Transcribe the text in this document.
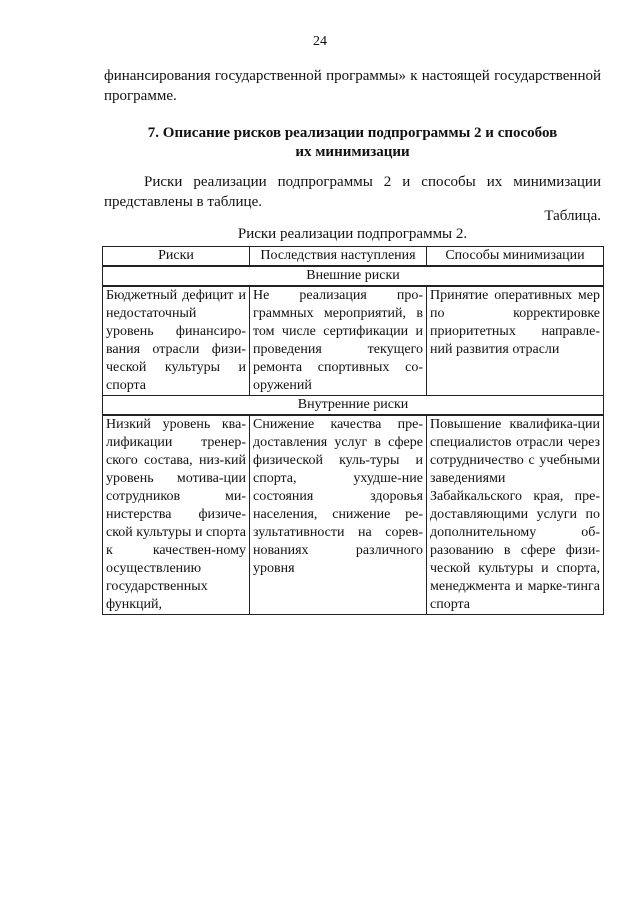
24
финансирования государственной программы» к настоящей государственной программе.
7. Описание рисков реализации подпрограммы 2 и способов
их минимизации
Риски реализации подпрограммы 2 и способы их минимизации представлены в таблице.
Таблица.
Риски реализации подпрограммы 2.
Риски	Последствия наступления	Способы минимизации
Внешние риски		
Бюджетный дефицит и недостаточный уровень финансиро-вания отрасли физи-ческой культуры и спорта	Не реализация про-граммных мероприятий, в том числе сертификации и проведения текущего ремонта спортивных со-оружений	Принятие оперативных мер по корректировке приоритетных направле-ний развития отрасли
Внутренние риски		
Низкий уровень ква-лификации тренер-ского состава, низ-кий уровень мотива-ции сотрудников ми-нистерства физиче-ской культуры и спорта к качествен-ному осуществлению государственных функций,	Снижение качества пре-доставления услуг в сфере физической куль-туры и спорта, ухудше-ние состояния здоровья населения, снижение ре-зультативности на сорев-нованиях различного уровня	Повышение квалифика-ции специалистов отрасли через сотрудничество с учебными заведениями Забайкальского края, пре-доставляющими услуги по дополнительному об-разованию в сфере физи-ческой культуры и спорта, менеджмента и марке-тинга спорта
